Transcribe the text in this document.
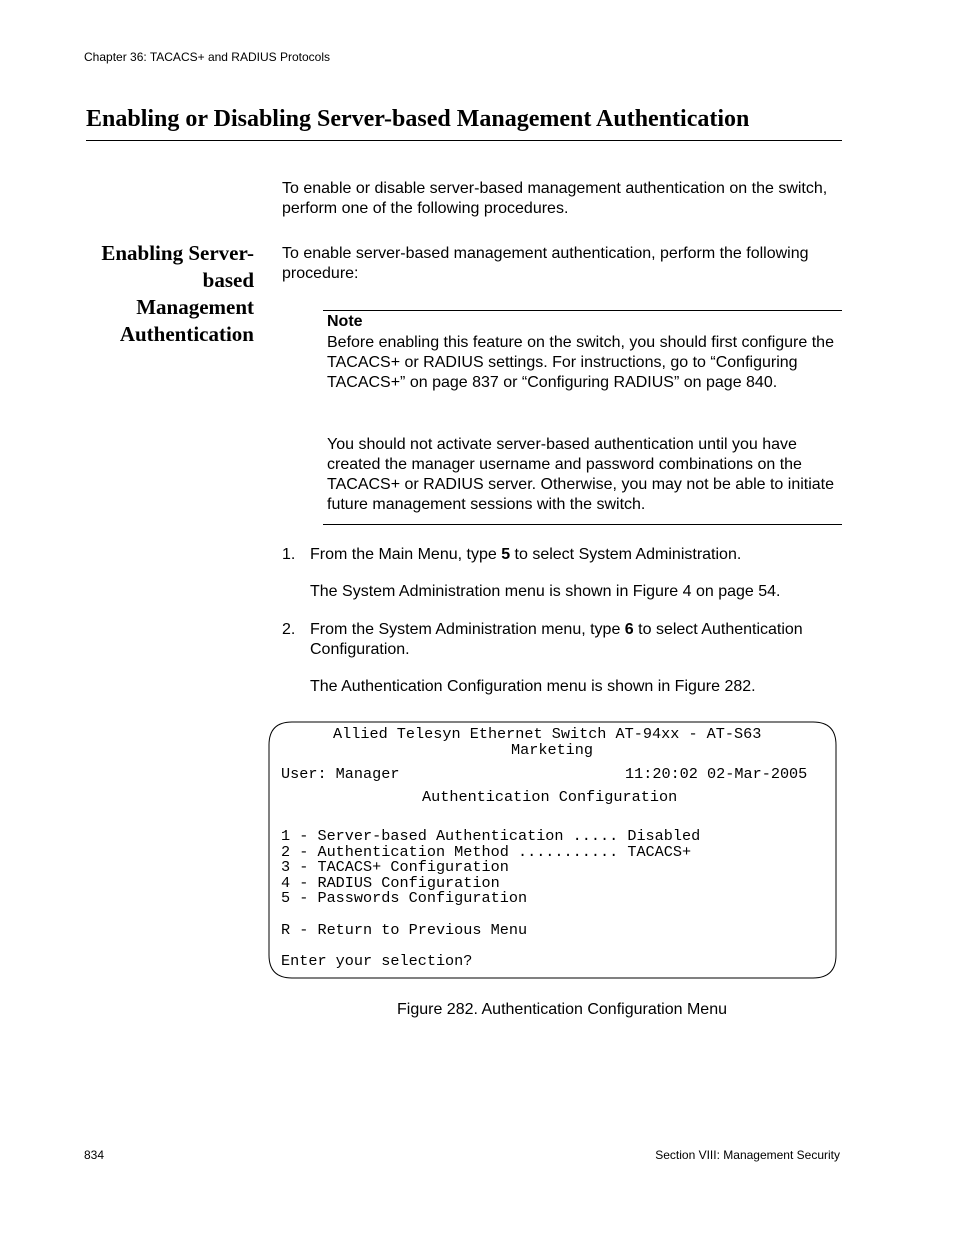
Chapter 36: TACACS+ and RADIUS Protocols
Enabling or Disabling Server-based Management Authentication
To enable or disable server-based management authentication on the switch, perform one of the following procedures.
Enabling Server-
based
Management
Authentication
To enable server-based management authentication, perform the following procedure:
Note
Before enabling this feature on the switch, you should first configure the TACACS+ or RADIUS settings. For instructions, go to “Configuring TACACS+” on page 837 or “Configuring RADIUS” on page 840.
You should not activate server-based authentication until you have created the manager username and password combinations on the TACACS+ or RADIUS server. Otherwise, you may not be able to initiate future management sessions with the switch.
1. From the Main Menu, type 5 to select System Administration.
The System Administration menu is shown in Figure 4 on page 54.
2. From the System Administration menu, type 6 to select Authentication Configuration.
The Authentication Configuration menu is shown in Figure 282.
Allied Telesyn Ethernet Switch AT-94xx - AT-S63
Marketing
User: Manager	11:20:02 02-Mar-2005
Authentication Configuration
1 - Server-based Authentication ..... Disabled
2 - Authentication Method ........... TACACS+
3 - TACACS+ Configuration
4 - RADIUS Configuration
5 - Passwords Configuration
R - Return to Previous Menu
Enter your selection?
Figure 282. Authentication Configuration Menu
834	Section VIII: Management Security
